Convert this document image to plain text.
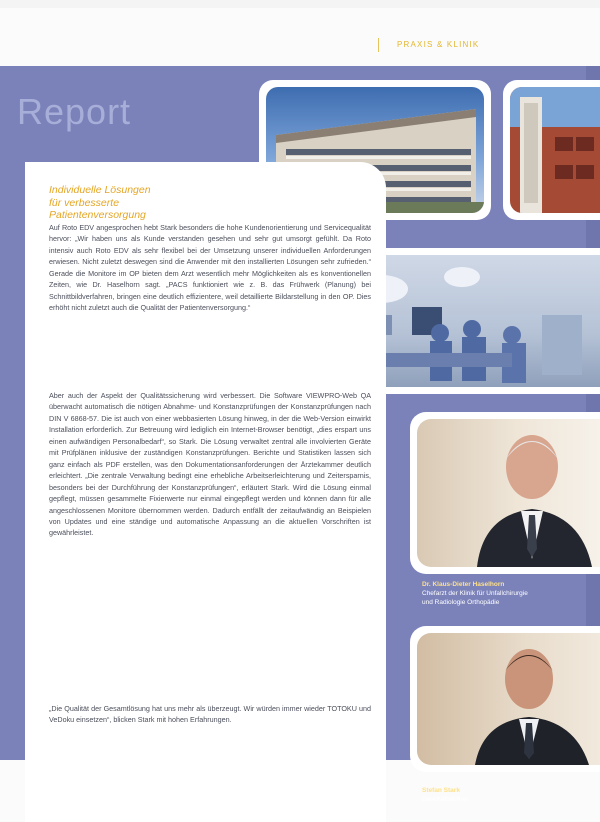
PRAXIS & KLINIK
Report
Dr. Klaus-Dieter Haselhorn
Chefarzt der Klinik für Unfallchirurgie
und Radiologie Orthopädie
Stefan Stark
Geschäftsführer
Individuelle Lösungen
für verbesserte
Patientenversorgung
Auf Roto EDV angesprochen hebt Stark besonders die hohe Kundenorientierung und Servicequalität hervor: „Wir haben uns als Kunde verstanden gesehen und sehr gut umsorgt gefühlt. Da Roto intensiv auch Roto EDV als sehr flexibel bei der Umsetzung unserer individuellen Anforderungen erwiesen. Nicht zuletzt deswegen sind die Anwender mit den installierten Lösungen sehr zufrieden.“ Gerade die Monitore im OP bieten dem Arzt wesentlich mehr Möglichkeiten als es konventionellen Zeiten, wie Dr. Haselhorn sagt. „PACS funktioniert wie z. B. das Frühwerk (Planung) bei Schnittbildverfahren, bringen eine deutlich effizientere, weil detaillierte Bildarstellung in den OP. Dies erhöht nicht zuletzt auch die Qualität der Patientenversorgung.“
Aber auch der Aspekt der Qualitätssicherung wird verbessert. Die Software VIEWPRO-Web QA überwacht automatisch die nötigen Abnahme- und Konstanzprüfungen der Konstanzprüfungen nach DIN V 6868-57. Die ist auch von einer webbasierten Lösung hinweg, in der die Web-Version einwirkt Installation erforderlich. Zur Betreuung wird lediglich ein Internet-Browser benötigt, „dies erspart uns einen aufwändigen Personalbedarf“, so Stark. Die Lösung verwaltet zentral alle involvierten Geräte mit Prüfplänen inklusive der zuständigen Konstanzprüfungen. Berichte und Statistiken lassen sich ganz einfach als PDF erstellen, was den Dokumentationsanforderungen der Ärztekammer deutlich erleichtert. „Die zentrale Verwaltung bedingt eine erhebliche Arbeitserleichterung und Zeitersparnis, besonders bei der Durchführung der Konstanzprüfungen“, erläutert Stark. Wird die Lösung einmal gepflegt, müssen gesammelte Fixierwerte nur einmal eingepflegt werden und können dann für alle angeschlossenen Monitore übernommen werden. Dadurch entfällt der zeitaufwändig an Beispielen von Updates und eine ständige und automatische Anpassung an die aktuellen Vorschriften ist gewährleistet.
„Die Qualität der Gesamtlösung hat uns mehr als überzeugt. Wir würden immer wieder TOTOKU und VeDoku einsetzen“, blicken Stark mit hohen Erfahrungen.
